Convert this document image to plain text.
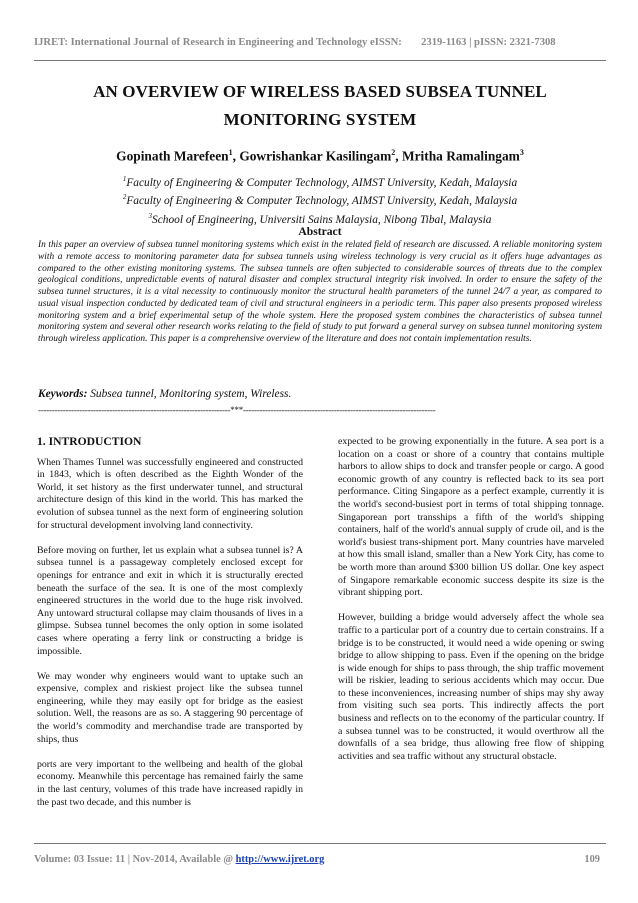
IJRET: International Journal of Research in Engineering and Technology eISSN: 2319-1163 | pISSN: 2321-7308
AN OVERVIEW OF WIRELESS BASED SUBSEA TUNNEL
MONITORING SYSTEM
Gopinath Marefeen$^1$, Gowrishankar Kasilingam$^2$, Mritha Ramalingam$^3$
$^1$Faculty of Engineering & Computer Technology, AIMST University, Kedah, Malaysia
$^2$Faculty of Engineering & Computer Technology, AIMST University, Kedah, Malaysia
$^3$School of Engineering, Universiti Sains Malaysia, Nibong Tibal, Malaysia
Abstract
In this paper an overview of subsea tunnel monitoring systems which exist in the related field of research are discussed. A reliable monitoring system with a remote access to monitoring parameter data for subsea tunnels using wireless technology is very crucial as it offers huge advantages as compared to the other existing monitoring systems. The subsea tunnels are often subjected to considerable sources of threats due to the complex geological conditions, unpredictable events of natural disaster and complex structural integrity risk involved. In order to ensure the safety of the subsea tunnel structures, it is a vital necessity to continuously monitor the structural health parameters of the tunnel 24/7 a year, as compared to usual visual inspection conducted by dedicated team of civil and structural engineers in a periodic term. This paper also presents proposed wireless monitoring system and a brief experimental setup of the whole system. Here the proposed system combines the characteristics of subsea tunnel monitoring system and several other research works relating to the field of study to put forward a general survey on subsea tunnel monitoring system through wireless application. This paper is a comprehensive overview of the literature and does not contain implementation results.
Keywords: Subsea tunnel, Monitoring system, Wireless.
----------------------------------------------------------------------***----------------------------------------------------------------------
1. INTRODUCTION

When Thames Tunnel was successfully engineered and constructed in 1843, which is often described as the Eighth Wonder of the World, it set history as the first underwater tunnel, and structural architecture design of this kind in the world. This has marked the evolution of subsea tunnel as the next form of engineering solution for structural development involving land connectivity.

Before moving on further, let us explain what a subsea tunnel is? A subsea tunnel is a passageway completely enclosed except for openings for entrance and exit in which it is structurally erected beneath the surface of the sea. It is one of the most complexly engineered structures in the world due to the huge risk involved. Any untoward structural collapse may claim thousands of lives in a glimpse. Subsea tunnel becomes the only option in some isolated cases where operating a ferry link or constructing a bridge is impossible.

We may wonder why engineers would want to uptake such an expensive, complex and riskiest project like the subsea tunnel engineering, while they may easily opt for bridge as the easiest solution. Well, the reasons are as so. A staggering 90 percentage of the world’s commodity and merchandise trade are transported by ships, thus

ports are very important to the wellbeing and health of the global economy. Meanwhile this percentage has remained fairly the same in the last century, volumes of this trade have increased rapidly in the past two decade, and this number is

expected to be growing exponentially in the future. A sea port is a location on a coast or shore of a country that contains multiple harbors to allow ships to dock and transfer people or cargo. A good economic growth of any country is reflected back to its sea port performance. Citing Singapore as a perfect example, currently it is the world's second-busiest port in terms of total shipping tonnage. Singaporean port transships a fifth of the world's shipping containers, half of the world's annual supply of crude oil, and is the world's busiest trans-shipment port. Many countries have marveled at how this small island, smaller than a New York City, has come to be worth more than around $300 billion US dollar. One key aspect of Singapore remarkable economic success despite its size is the vibrant shipping port.

However, building a bridge would adversely affect the whole sea traffic to a particular port of a country due to certain constrains. If a bridge is to be constructed, it would need a wide opening or swing bridge to allow shipping to pass. Even if the opening on the bridge is wide enough for ships to pass through, the ship traffic movement will be riskier, leading to serious accidents which may occur. Due to these inconveniences, increasing number of ships may shy away from visiting such sea ports. This indirectly affects the port business and reflects on to the economy of the particular country. If a subsea tunnel was to be constructed, it would overthrow all the downfalls of a sea bridge, thus allowing free flow of shipping activities and sea traffic without any structural obstacle.

Volume: 03 Issue: 11 | Nov-2014, Available @ http://www.ijret.org	109
